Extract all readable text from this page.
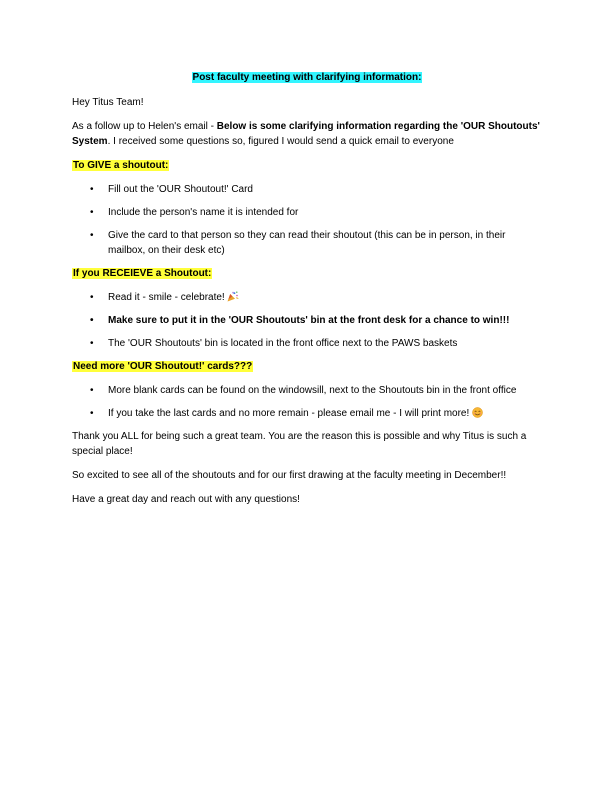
Post faculty meeting with clarifying information:

Hey Titus Team!

As a follow up to Helen's email - Below is some clarifying information regarding the 'OUR Shoutouts' System. I received some questions so, figured I would send a quick email to everyone

To GIVE a shoutout:
• Fill out the 'OUR Shoutout!' Card
• Include the person's name it is intended for
• Give the card to that person so they can read their shoutout (this can be in person, in their mailbox, on their desk etc)
If you RECEIEVE a Shoutout:
• Read it - smile - celebrate!
• Make sure to put it in the 'OUR Shoutouts' bin at the front desk for a chance to win!!!
• The 'OUR Shoutouts' bin is located in the front office next to the PAWS baskets
Need more 'OUR Shoutout!' cards???
• More blank cards can be found on the windowsill, next to the Shoutouts bin in the front office
• If you take the last cards and no more remain - please email me - I will print more!

Thank you ALL for being such a great team. You are the reason this is possible and why Titus is such a special place!

So excited to see all of the shoutouts and for our first drawing at the faculty meeting in December!!

Have a great day and reach out with any questions!
